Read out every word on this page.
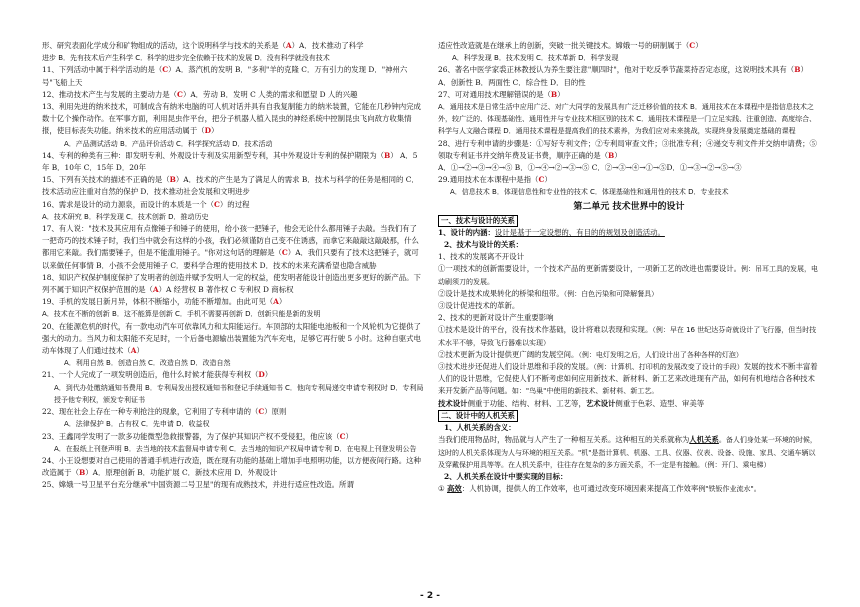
形、研究表面化学成分和矿物组成的活动，这个说明科学与技术的关系是（A）A．技术推动了科学
进步 B．先有技术后产生科学 C．科学的进步完全依赖于技术的发展 D．没有科学就没有技术
11、下列活动中属于科学活动的是（C）A．蒸汽机的发明 B．"多利"羊的克隆 C．万有引力的发现 D．"神州六号"飞船上天
12、推动技术产生与发展的主要动力是（C）A．劳动 B．发明 C 人类的需求和愿望 D 人的兴趣
13、利用先进的纳米技术，可制成含有纳米电脑的可人机对话并具有自我复制能力的纳米装置，它能在几秒钟内完成数十亿个操作动作。在军事方面，利用昆虫作平台，把分子机器人植入昆虫的神经系统中控制昆虫飞向敌方收集情报，使目标丧失功能。纳米技术的应用活动属于（D）
A．产品测试活动 B．产品评价活动 C．科学探究活动 D．技术活动
14、专利的种类有三种：即发明专利、外观设计专利及实用新型专利，其中外观设计专利的保护期限为（B） A．5年 B．10年 C．15年 D．20年
15、下列有关技术的描述不正确的是（B）A．技术的产生是为了满足人的需求 B．技术与科学的任务是相同的 C．技术活动应注重对自然的保护 D．技术推动社会发展和文明进步
16、需求是设计的动力源泉，而设计的本质是一个（C）的过程
A．技术研究 B．科学发现 C．技术创新 D．推动历史
17、有人说："技术及其应用有点像锤子和锤子的使用，给小孩一把锤子，他会无论什么都用锤子去敲。当我们有了一把奇巧的技术锤子时，我们当中就会有这样的小孩，我们必须谨防自己变不住诱惑，而拿它来敲敲这敲敲那，什么都用它来敲。我们需要锤子，但是不能滥用锤子。"你对这句话的理解是（C）A．我们只要有了技术这把锤子，就可以来做任何事情 B．小孩不会使用锤子 C．要科学合理的使用技术 D．技术的未来充满希望也隐含威胁
18、知识产权保护制度保护了发明者的创造并赋予发明人一定的权益，使发明者能设计创造出更多更好的新产品。下列不属于知识产权保护范围的是（A）A 经营权 B 著作权 C 专利权 D 商标权
19、手机的发展日新月异，体积不断缩小，功能不断增加。由此可见（A）
A．技术在不断的创新 B．这不能算是创新 C．手机不需要再创新 D．创新只能是新的发明
20、在能源危机的时代，有一款电动汽车可依靠风力和太阳能运行。车顶部的太阳能电池板和一个风轮机为它提供了强大的动力。当风力和太阳能不充足时，一个后备电源输出装置能为汽车充电，足够它再行驶 5 小时。这种自驱式电动车体现了人们通过技术（A）
A．利用自然 B．创造自然 C．改造自然 D．改造自然
21、一个人完成了一项发明创造后，他什么时候才能获得专利权（D）
A．到代办处缴纳通知书费用 B．专利局发出授权通知书和登记手续通知书 C．他向专利局递交申请专利权时 D．专利局授予他专利权，颁发专利证书
22、现在社会上存在一种专利抢注的现象，它利用了专利申请的（C）原则
A．法律保护 B．占有权 C．先申请 D．收益权
23、王鑫同学发明了一款多功能微型急救报警器，为了保护其知识产权不受侵犯，他应该（C）
A．在报纸上刊登声明 B．去当地的技术监督局申请专利 C．去当地的知识产权局申请专利 D．在电视上刊登发明公告
24、小王设想要对自己使用的普通手机进行改造，既在现有功能的基础上增加手电照明功能，以方便夜间行路。这种改造属于（B）A．原理创新 B．功能扩展 C．新技术应用 D．外观设计
25、嫦娥一号卫星平台充分继承"中国资源二号卫星"的现有成熟技术，并进行适应性改造。所谓
适应性改造就是在继承上的创新，突破一批关键技术。嫦娥一号的研制属于（C）
A．科学发现 B．技术发明 C．技术革新 D．科学发现
26、著名中医学家裘正林教授认为养生要注意"顺四时"，他对于吃反季节蔬菜持否定态度，这说明技术具有（B）A．创新性 B．两面性 C．综合性 D．目的性
27、可对通用技术理解错误的是（B）
A．通用技术是日常生活中应用广泛、对广大同学的发展具有广泛迁移价值的技术 B．通用技术在本课程中是指信息技术之外，较广泛的、体现基础性、通用性并与专业技术相区别的技术 C．通用技术课程是一门立足实践、注重创造、高度综合、科学与人文融合课程 D．通用技术课程是提高我们的技术素养，为我们应对未来挑战，实现终身发展奠定基础的课程
28、进行专利申请的步骤是：①写好专利文件；②专利局审查文件；③批准专利；④递交专利文件并交纳申请费；⑤领取专利证书并交纳年费及证书费，顺序正确的是（B）
A．①→②→③→④→⑤ B．①→④→②→③→⑤ C．②→③→④→①→⑤D．①→③→②→⑤→③
29.通用技术在本课程中是指（C）
A．信息技术 B．体现信息性和专业性的技术 C．体现基础性和通用性的技术 D．专业技术
第二单元 技术世界中的设计
一、技术与设计的关系
1、设计的内涵：设计是基于一定设想的、有目的的规划及创造活动。
2、技术与设计的关系：
1、技术的发展离不开设计
①一项技术的创新需要设计，一个技术产品的更新需要设计，一项新工艺的改进也需要设计。例：吊耳工具的发展，电动刷须刀的发展。
②设计是技术成果转化的桥梁和纽带。（例：白色污染和可降解餐具）
③设计促进技术的革新。
2、技术的更新对设计产生重要影响
①技术是设计的平台，没有技术作基础，设计将难以表现和实现。（例：早在 16 世纪达芬奇就设计了飞行器，但当时技术水平不够，导致飞行器难以实现）
②技术更新为设计提供更广阔的发展空间。（例：电灯发明之后，人们设计出了各种各样的灯泡）
③技术进步还促进人们设计思维和手段的发展。（例：计算机、打印机的发展改变了设计的手段）发展的技术不断丰富着人们的设计思维，它促使人们不断考虑如何应用新技术、新材料、新工艺来改进现有产品，如何有机地结合各种技术来开发新产品等问题。如："鸟巢"中使用的新技术、新材料、新工艺。
技术设计侧重于功能、结构、材料、工艺等，艺术设计侧重于色彩、造型、审美等
二、设计中的人机关系
1、人机关系的含义：
当我们使用物品时，物品就与人产生了一种相互关系。这种相互的关系就称为人机关系。备人们身处某一环境的时候，这时的人机关系体现为人与环境的相互关系。"机"是指计算机、机器、工具、仪器、仪表、设备、设施、家具、交通车辆以及穿戴保护用具等等。在人机关系中，往往存在复杂的多方面关系，不一定是有接触。（例：开门、乘电梯）
2、人机关系在设计中要实现的目标：
① 高效：人机协调，提供人的工作效率，也可通过改变环境因素来提高工作效率例"铁钣作业流水"。
- 2 -
